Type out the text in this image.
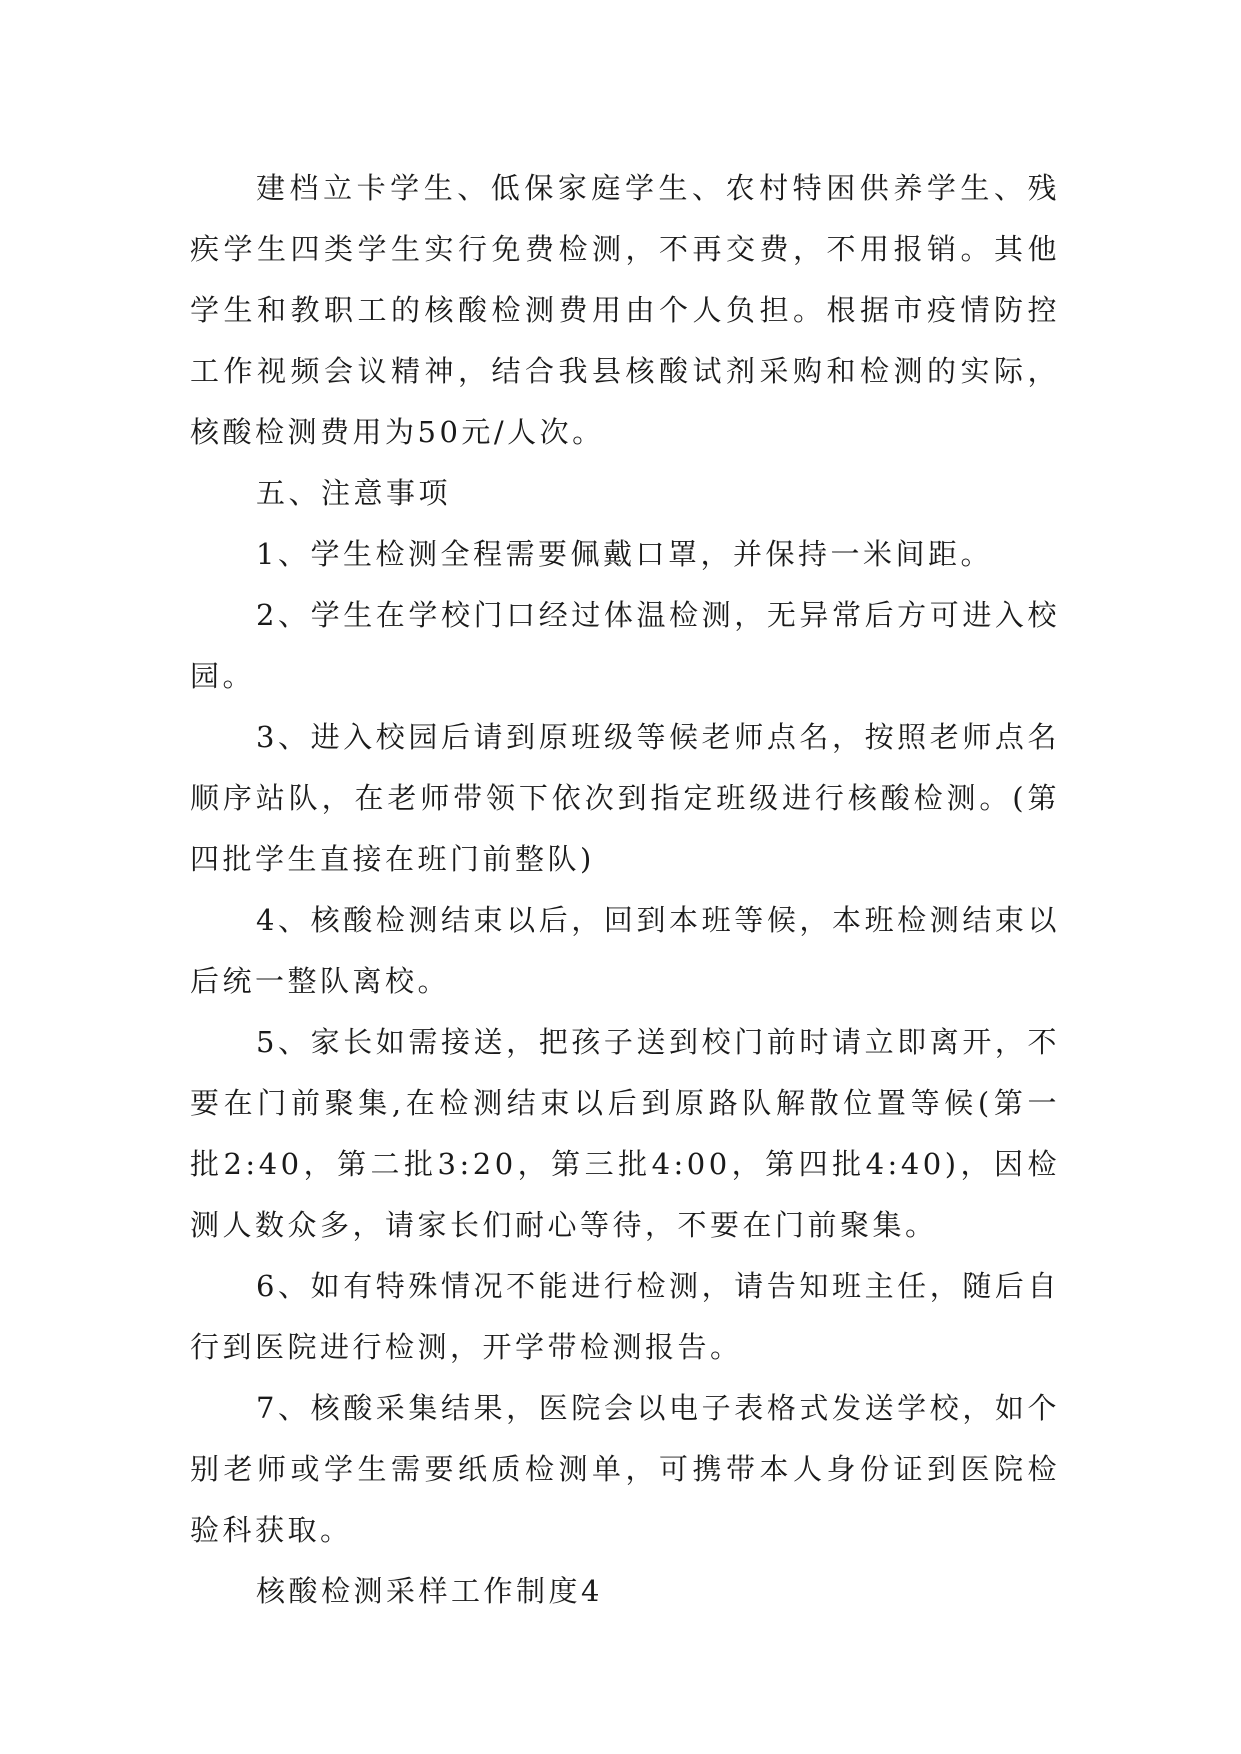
建档立卡学生、低保家庭学生、农村特困供养学生、残疾学生四类学生实行免费检测，不再交费，不用报销。其他学生和教职工的核酸检测费用由个人负担。根据市疫情防控工作视频会议精神，结合我县核酸试剂采购和检测的实际，核酸检测费用为50元/人次。

五、注意事项

1、学生检测全程需要佩戴口罩，并保持一米间距。

2、学生在学校门口经过体温检测，无异常后方可进入校园。

3、进入校园后请到原班级等候老师点名，按照老师点名顺序站队，在老师带领下依次到指定班级进行核酸检测。(第四批学生直接在班门前整队)

4、核酸检测结束以后，回到本班等候，本班检测结束以后统一整队离校。

5、家长如需接送，把孩子送到校门前时请立即离开，不要在门前聚集,在检测结束以后到原路队解散位置等候(第一批2:40，第二批3:20，第三批4:00，第四批4:40)，因检测人数众多，请家长们耐心等待，不要在门前聚集。

6、如有特殊情况不能进行检测，请告知班主任，随后自行到医院进行检测，开学带检测报告。

7、核酸采集结果，医院会以电子表格式发送学校，如个别老师或学生需要纸质检测单，可携带本人身份证到医院检验科获取。

核酸检测采样工作制度4
